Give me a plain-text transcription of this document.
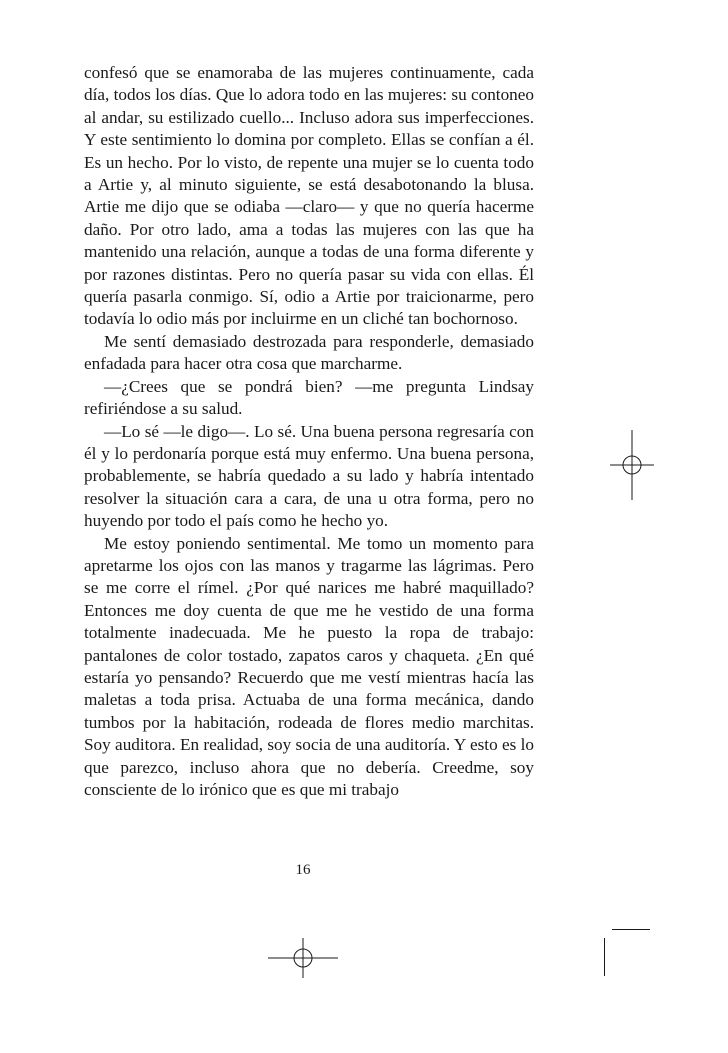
confesó que se enamoraba de las mujeres continuamente, cada día, todos los días. Que lo adora todo en las mujeres: su contoneo al andar, su estilizado cuello... Incluso adora sus imperfecciones. Y este sentimiento lo domina por completo. Ellas se confían a él. Es un hecho. Por lo visto, de repente una mujer se lo cuenta todo a Artie y, al minuto siguiente, se está desabotonando la blusa. Artie me dijo que se odiaba —claro— y que no quería hacerme daño. Por otro lado, ama a todas las mujeres con las que ha mantenido una relación, aunque a todas de una forma diferente y por razones distintas. Pero no quería pasar su vida con ellas. Él quería pasarla conmigo. Sí, odio a Artie por traicionarme, pero todavía lo odio más por incluirme en un cliché tan bochornoso.

Me sentí demasiado destrozada para responderle, demasiado enfadada para hacer otra cosa que marcharme.

—¿Crees que se pondrá bien? —me pregunta Lindsay refiriéndose a su salud.

—Lo sé —le digo—. Lo sé. Una buena persona regresaría con él y lo perdonaría porque está muy enfermo. Una buena persona, probablemente, se habría quedado a su lado y habría intentado resolver la situación cara a cara, de una u otra forma, pero no huyendo por todo el país como he hecho yo.

Me estoy poniendo sentimental. Me tomo un momento para apretarme los ojos con las manos y tragarme las lágrimas. Pero se me corre el rímel. ¿Por qué narices me habré maquillado? Entonces me doy cuenta de que me he vestido de una forma totalmente inadecuada. Me he puesto la ropa de trabajo: pantalones de color tostado, zapatos caros y chaqueta. ¿En qué estaría yo pensando? Recuerdo que me vestí mientras hacía las maletas a toda prisa. Actuaba de una forma mecánica, dando tumbos por la habitación, rodeada de flores medio marchitas. Soy auditora. En realidad, soy socia de una auditoría. Y esto es lo que parezco, incluso ahora que no debería. Creedme, soy consciente de lo irónico que es que mi trabajo

16
